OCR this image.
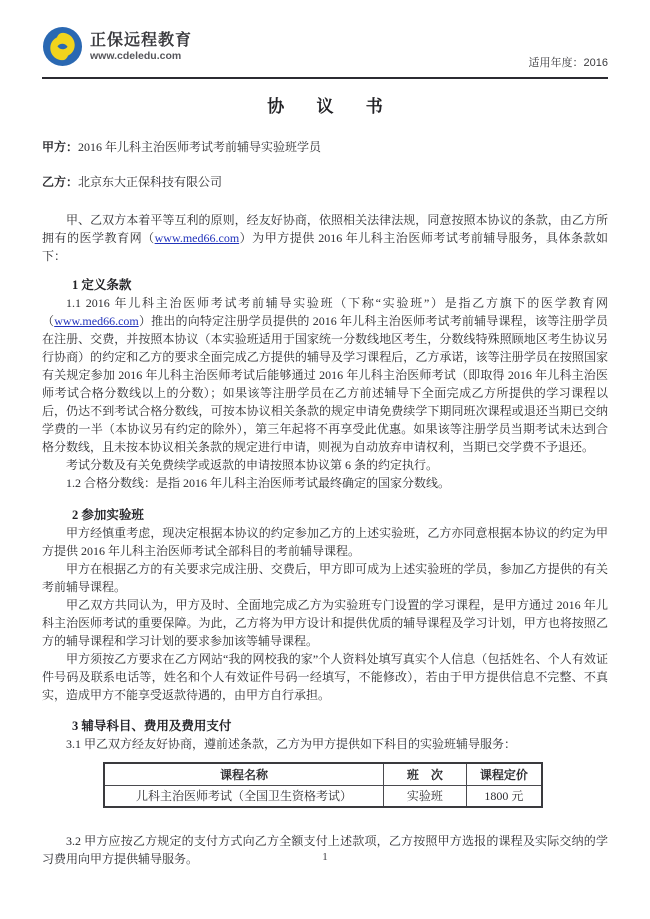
正保远程教育
www.cdeledu.com
适用年度：2016
协 议 书

甲方：2016 年儿科主治医师考试考前辅导实验班学员

乙方：北京东大正保科技有限公司

甲、乙双方本着平等互利的原则，经友好协商，依照相关法律法规，同意按照本协议的条款，由乙方所拥有的医学教育网（www.med66.com）为甲方提供 2016 年儿科主治医师考试考前辅导服务，具体条款如下：

1 定义条款

1.1 2016 年儿科主治医师考试考前辅导实验班（下称“实验班”）是指乙方旗下的医学教育网（www.med66.com）推出的向特定注册学员提供的 2016 年儿科主治医师考试考前辅导课程，该等注册学员在注册、交费，并按照本协议（本实验班适用于国家统一分数线地区考生，分数线特殊照顾地区考生协议另行协商）的约定和乙方的要求全面完成乙方提供的辅导及学习课程后，乙方承诺，该等注册学员在按照国家有关规定参加 2016 年儿科主治医师考试后能够通过 2016 年儿科主治医师考试（即取得 2016 年儿科主治医师考试合格分数线以上的分数）；如果该等注册学员在乙方前述辅导下全面完成乙方所提供的学习课程以后，仍达不到考试合格分数线，可按本协议相关条款的规定申请免费续学下期同班次课程或退还当期已交纳学费的一半（本协议另有约定的除外），第三年起将不再享受此优惠。如果该等注册学员当期考试未达到合格分数线，且未按本协议相关条款的规定进行申请，则视为自动放弃申请权利，当期已交学费不予退还。

考试分数及有关免费续学或返款的申请按照本协议第 6 条的约定执行。

1.2 合格分数线：是指 2016 年儿科主治医师考试最终确定的国家分数线。

2 参加实验班

甲方经慎重考虑，现决定根据本协议的约定参加乙方的上述实验班，乙方亦同意根据本协议的约定为甲方提供 2016 年儿科主治医师考试全部科目的考前辅导课程。

甲方在根据乙方的有关要求完成注册、交费后，甲方即可成为上述实验班的学员，参加乙方提供的有关考前辅导课程。

甲乙双方共同认为，甲方及时、全面地完成乙方为实验班专门设置的学习课程，是甲方通过 2016 年儿科主治医师考试的重要保障。为此，乙方将为甲方设计和提供优质的辅导课程及学习计划，甲方也将按照乙方的辅导课程和学习计划的要求参加该等辅导课程。

甲方须按乙方要求在乙方网站“我的网校我的家”个人资料处填写真实个人信息（包括姓名、个人有效证件号码及联系电话等，姓名和个人有效证件号码一经填写，不能修改），若由于甲方提供信息不完整、不真实，造成甲方不能享受返款待遇的，由甲方自行承担。

3 辅导科目、费用及费用支付

3.1 甲乙双方经友好协商，遵前述条款，乙方为甲方提供如下科目的实验班辅导服务：

课程名称	班　次	课程定价
儿科主治医师考试（全国卫生资格考试）	实验班	1800 元

3.2 甲方应按乙方规定的支付方式向乙方全额支付上述款项，乙方按照甲方选报的课程及实际交纳的学习费用向甲方提供辅导服务。	1
